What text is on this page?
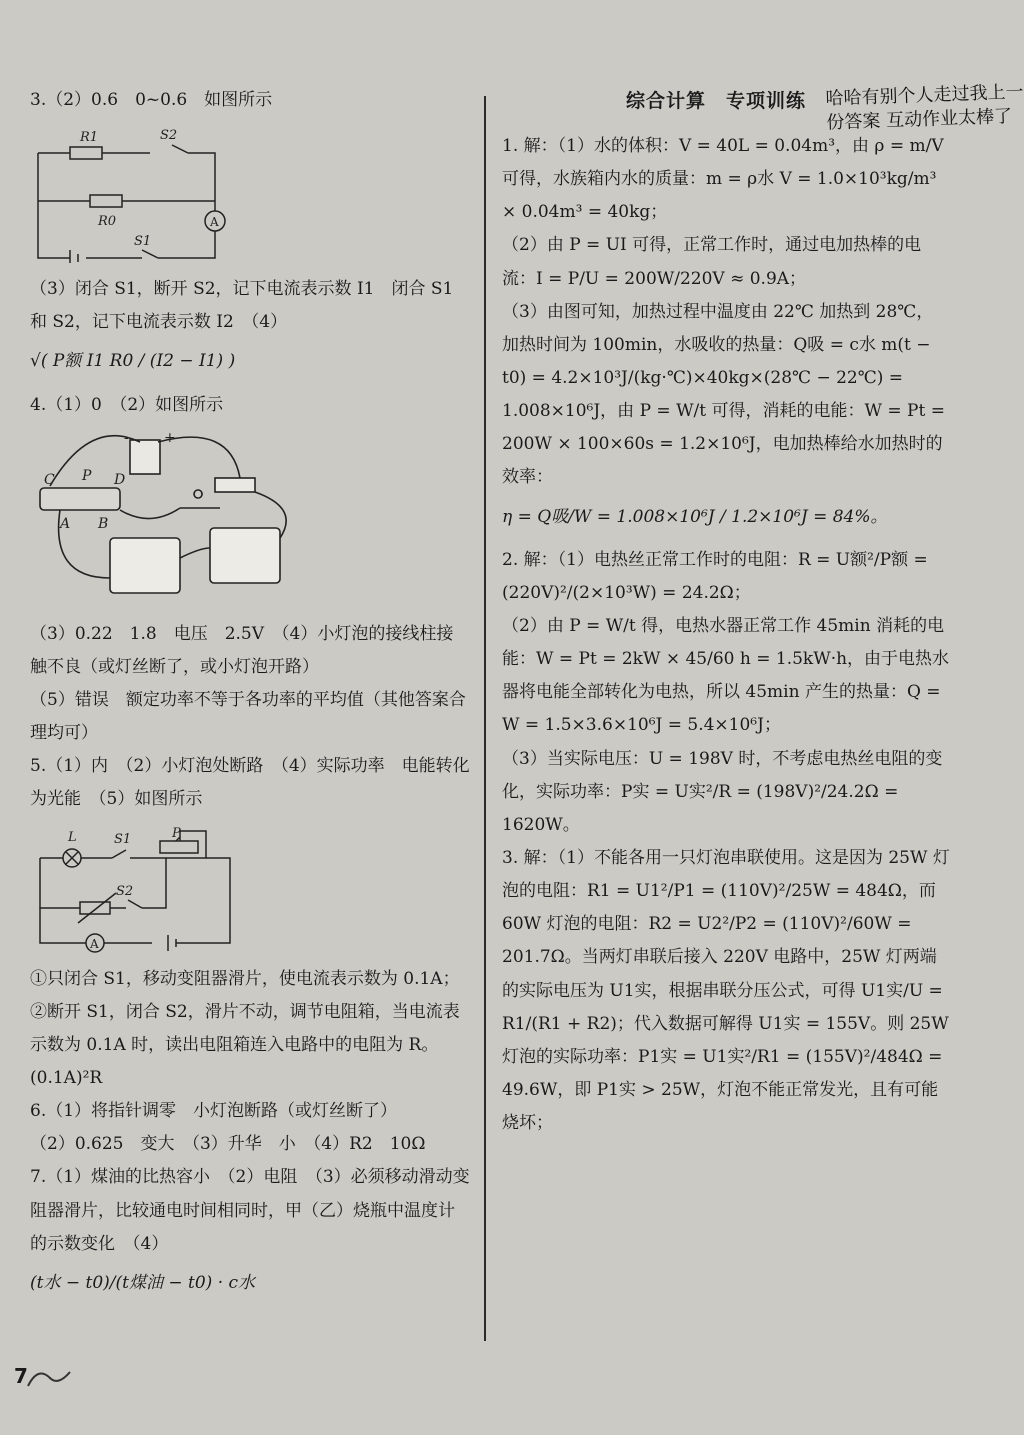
3.（2）0.6　0~0.6　如图所示

R1	S2
R0	A
S1

（3）闭合 S1，断开 S2，记下电流表示数 I1　闭合 S1 和 S2，记下电流表示数 I2　（4）

√( P额 I1 R0 / (I2 − I1) )

4.（1）0　（2）如图所示

-	+
C P D
A B

（3）0.22　1.8　电压　2.5V　（4）小灯泡的接线柱接触不良（或灯丝断了，或小灯泡开路）

（5）错误　额定功率不等于各功率的平均值（其他答案合理均可）

5.（1）内　（2）小灯泡处断路　（4）实际功率　电能转化为光能　（5）如图所示

L	S1	P
S2
A

①只闭合 S1，移动变阻器滑片，使电流表示数为 0.1A；②断开 S1，闭合 S2，滑片不动，调节电阻箱，当电流表示数为 0.1A 时，读出电阻箱连入电路中的电阻为 R。　(0.1A)²R

6.（1）将指针调零　小灯泡断路（或灯丝断了）

（2）0.625　变大　（3）升华　小　（4）R2　10Ω

7.（1）煤油的比热容小　（2）电阻　（3）必须移动滑动变阻器滑片，比较通电时间相同时，甲（乙）烧瓶中温度计的示数变化　（4）

(t水 − t0)/(t煤油 − t0) · c水

综合计算　专项训练 哈哈有别个人走过我上一份答案 互动作业太棒了

1. 解：（1）水的体积：V = 40L = 0.04m³，由 ρ = m/V 可得，水族箱内水的质量：m = ρ水 V = 1.0×10³kg/m³ × 0.04m³ = 40kg；

（2）由 P = UI 可得，正常工作时，通过电加热棒的电流：I = P/U = 200W/220V ≈ 0.9A；

（3）由图可知，加热过程中温度由 22℃ 加热到 28℃，加热时间为 100min，水吸收的热量：Q吸 = c水 m(t − t0) = 4.2×10³J/(kg·℃)×40kg×(28℃ − 22℃) = 1.008×10⁶J，由 P = W/t 可得，消耗的电能：W = Pt = 200W × 100×60s = 1.2×10⁶J，电加热棒给水加热时的效率：

η = Q吸/W = 1.008×10⁶J / 1.2×10⁶J = 84%。

2. 解：（1）电热丝正常工作时的电阻：R = U额²/P额 = (220V)²/(2×10³W) = 24.2Ω；

（2）由 P = W/t 得，电热水器正常工作 45min 消耗的电能：W = Pt = 2kW × 45/60 h = 1.5kW·h，由于电热水器将电能全部转化为电热，所以 45min 产生的热量：Q = W = 1.5×3.6×10⁶J = 5.4×10⁶J；

（3）当实际电压：U = 198V 时，不考虑电热丝电阻的变化，实际功率：P实 = U实²/R = (198V)²/24.2Ω = 1620W。

3. 解：（1）不能各用一只灯泡串联使用。这是因为 25W 灯泡的电阻：R1 = U1²/P1 = (110V)²/25W = 484Ω，而 60W 灯泡的电阻：R2 = U2²/P2 = (110V)²/60W = 201.7Ω。当两灯串联后接入 220V 电路中，25W 灯两端的实际电压为 U1实，根据串联分压公式，可得 U1实/U = R1/(R1 + R2)；代入数据可解得 U1实 = 155V。则 25W 灯泡的实际功率：P1实 = U1实²/R1 = (155V)²/484Ω = 49.6W，即 P1实 > 25W，灯泡不能正常发光，且有可能烧坏；

7
